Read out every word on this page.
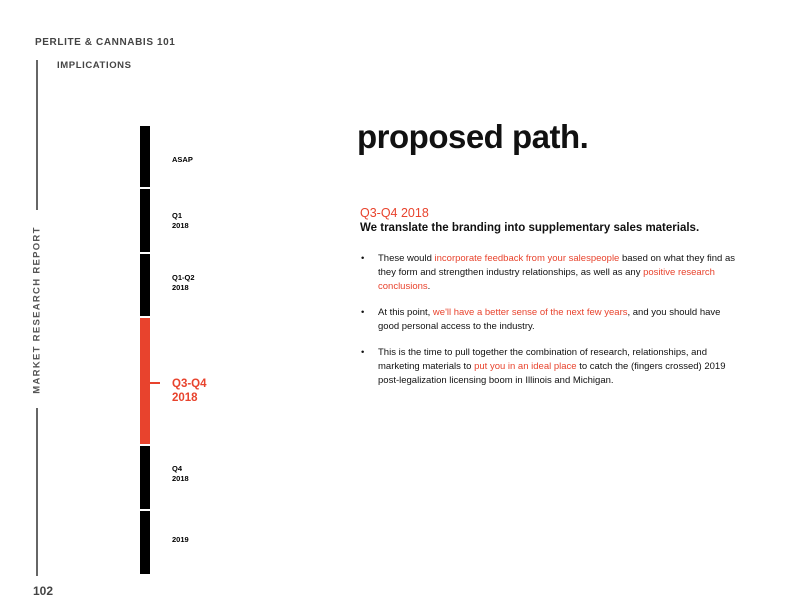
PERLITE & CANNABIS 101
IMPLICATIONS
MARKET RESEARCH REPORT
102
ASAP
Q1
2018
Q1-Q2
2018
Q3-Q4
2018
Q4
2018
2019
proposed path.
Q3-Q4 2018
We translate the branding into supplementary sales materials.
• These would incorporate feedback from your salespeople based on what they find as they form and strengthen industry relationships, as well as any positive research conclusions.
• At this point, we'll have a better sense of the next few years, and you should have good personal access to the industry.
• This is the time to pull together the combination of research, relationships, and marketing materials to put you in an ideal place to catch the (fingers crossed) 2019 post-legalization licensing boom in Illinois and Michigan.
